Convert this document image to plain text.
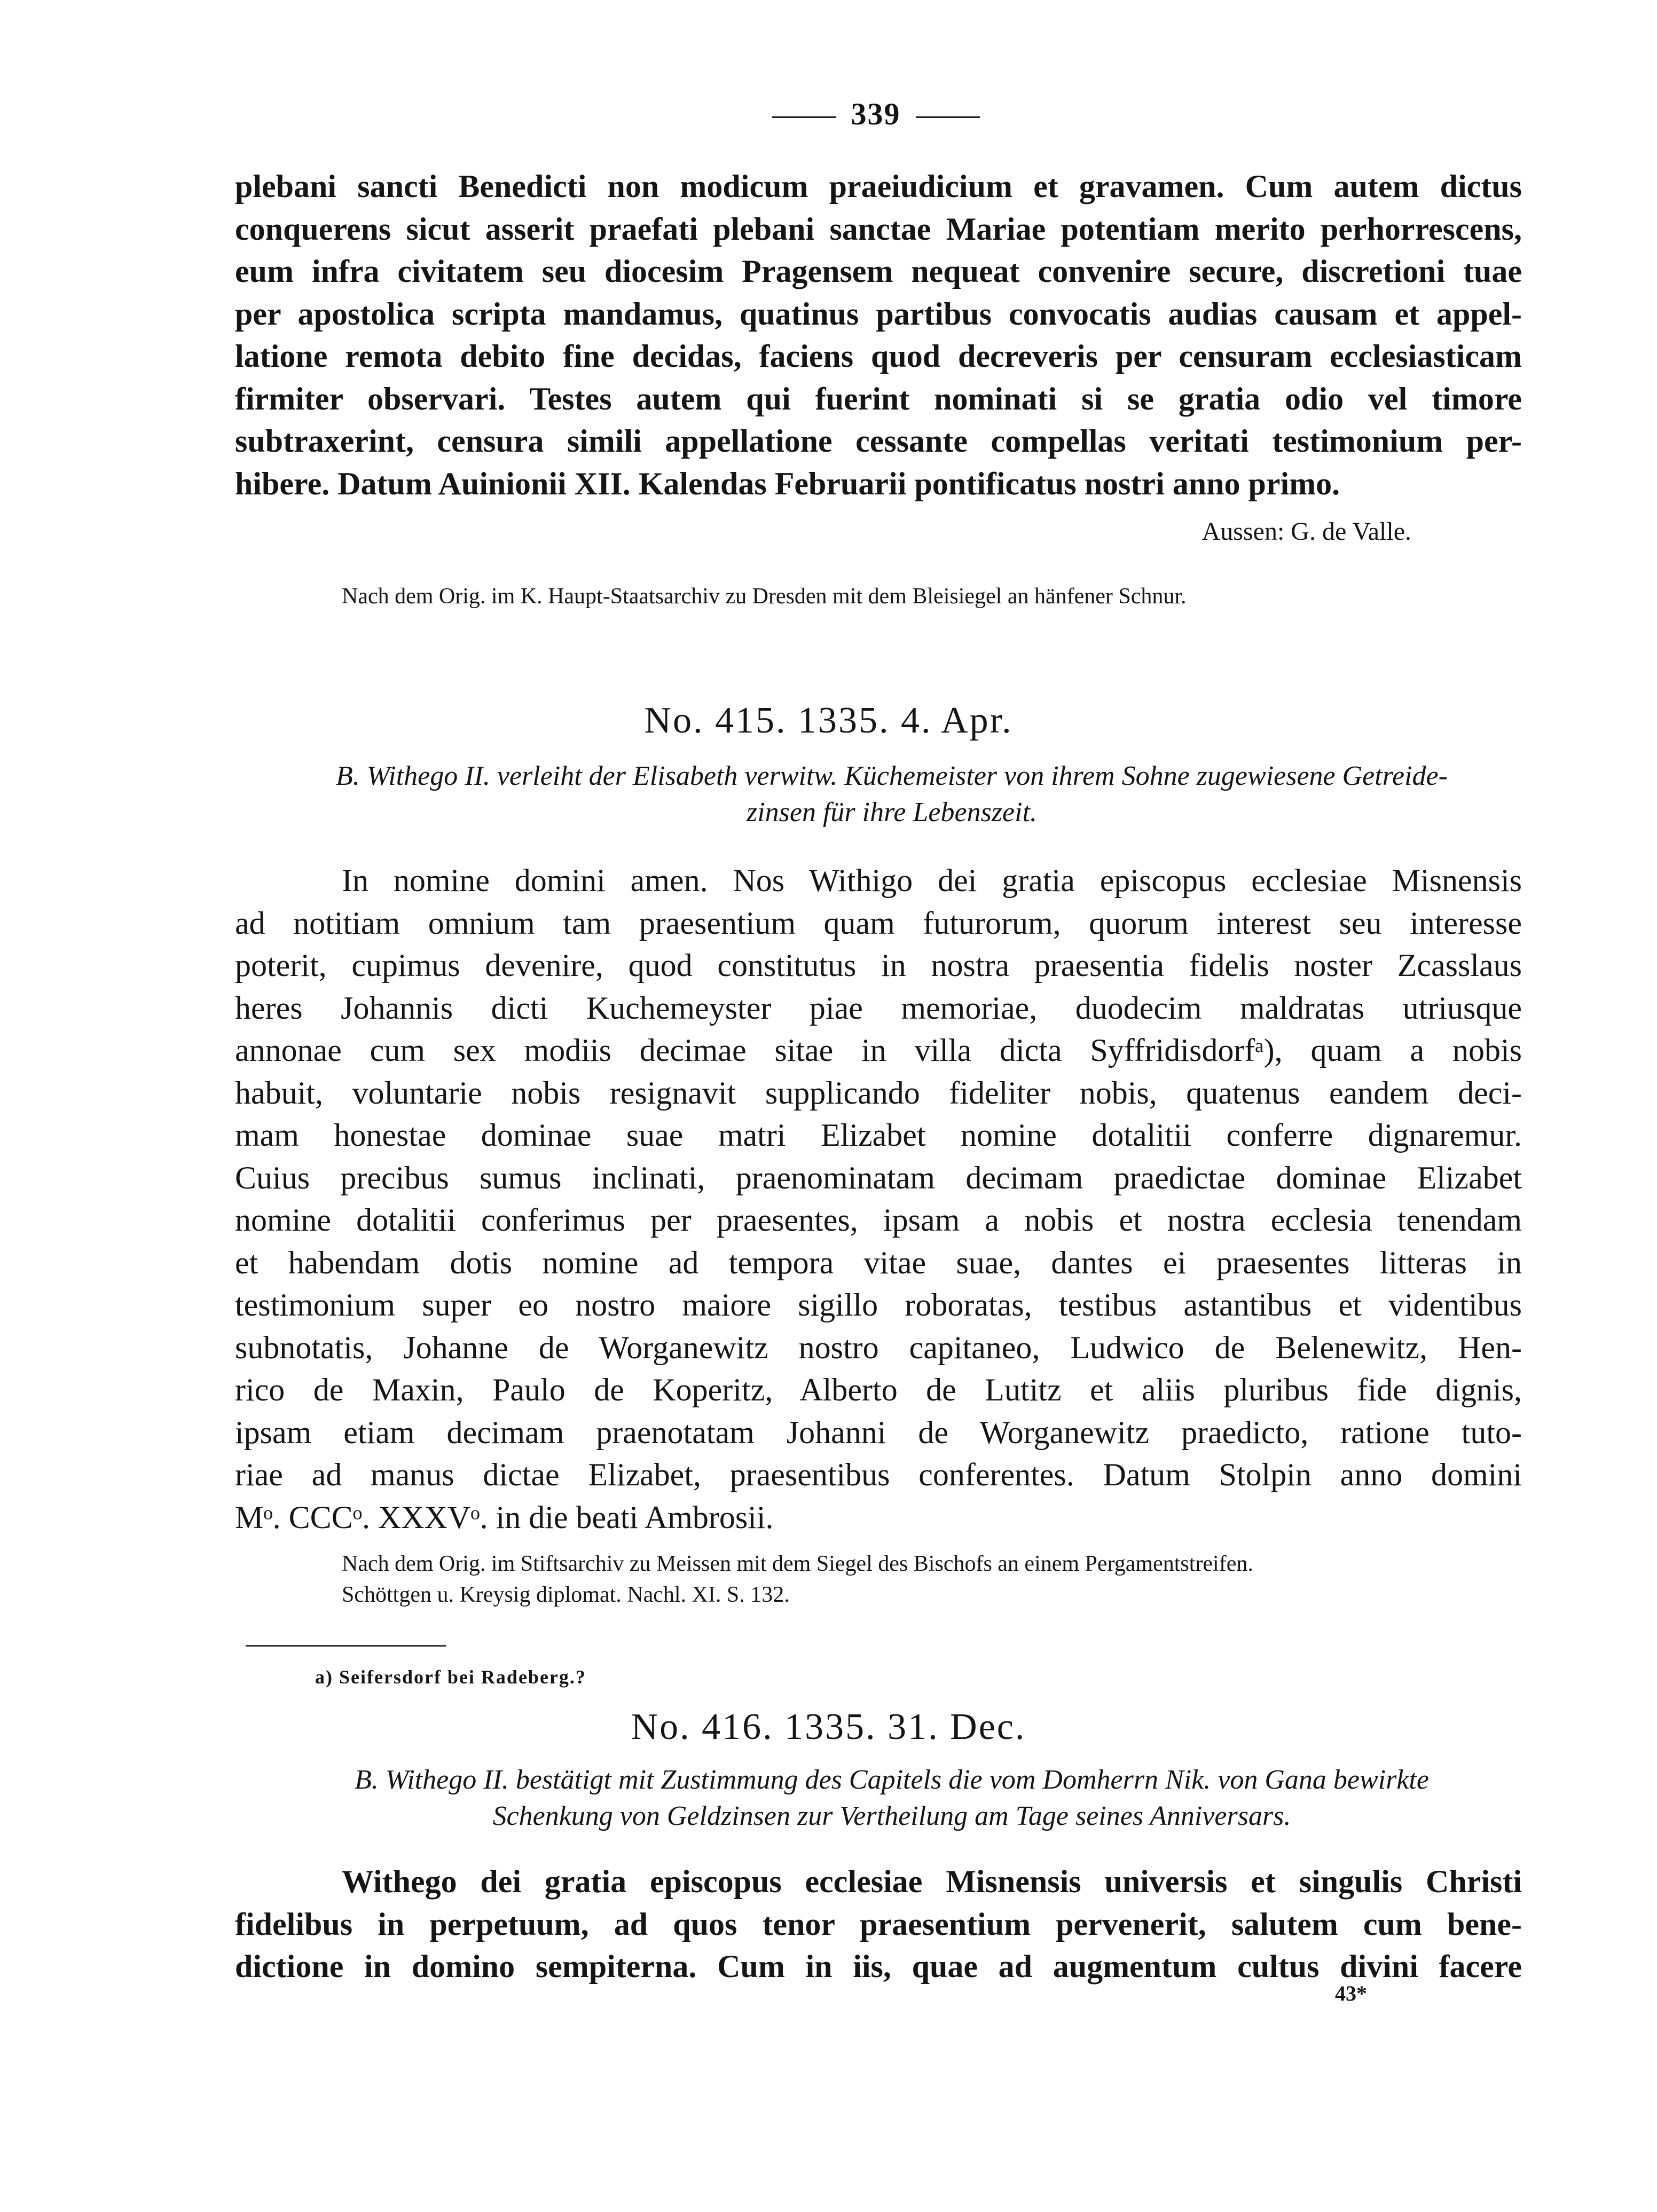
339
plebani sancti Benedicti non modicum praeiudicium et gravamen. Cum autem dictus
conquerens sicut asserit praefati plebani sanctae Mariae potentiam merito perhorrescens,
eum infra civitatem seu diocesim Pragensem nequeat convenire secure, discretioni tuae
per apostolica scripta mandamus, quatinus partibus convocatis audias causam et appel-
latione remota debito fine decidas, faciens quod decreveris per censuram ecclesiasticam
firmiter observari. Testes autem qui fuerint nominati si se gratia odio vel timore
subtraxerint, censura simili appellatione cessante compellas veritati testimonium per-
hibere. Datum Auinionii XII. Kalendas Februarii pontificatus nostri anno primo.
Aussen: G. de Valle.
Nach dem Orig. im K. Haupt-Staatsarchiv zu Dresden mit dem Bleisiegel an hänfener Schnur.
No. 415. 1335. 4. Apr.
B. Withego II. verleiht der Elisabeth verwitw. Küchemeister von ihrem Sohne zugewiesene Getreide-
zinsen für ihre Lebenszeit.
In nomine domini amen. Nos Withigo dei gratia episcopus ecclesiae Misnensis
ad notitiam omnium tam praesentium quam futurorum, quorum interest seu interesse
poterit, cupimus devenire, quod constitutus in nostra praesentia fidelis noster Zcasslaus
heres Johannis dicti Kuchemeyster piae memoriae, duodecim maldratas utriusque
annonae cum sex modiis decimae sitae in villa dicta Syffridisdorfᵃ), quam a nobis
habuit, voluntarie nobis resignavit supplicando fideliter nobis, quatenus eandem deci-
mam honestae dominae suae matri Elizabet nomine dotalitii conferre dignaremur.
Cuius precibus sumus inclinati, praenominatam decimam praedictae dominae Elizabet
nomine dotalitii conferimus per praesentes, ipsam a nobis et nostra ecclesia tenendam
et habendam dotis nomine ad tempora vitae suae, dantes ei praesentes litteras in
testimonium super eo nostro maiore sigillo roboratas, testibus astantibus et videntibus
subnotatis, Johanne de Worganewitz nostro capitaneo, Ludwico de Belenewitz, Hen-
rico de Maxin, Paulo de Koperitz, Alberto de Lutitz et aliis pluribus fide dignis,
ipsam etiam decimam praenotatam Johanni de Worganewitz praedicto, ratione tuto-
riae ad manus dictae Elizabet, praesentibus conferentes. Datum Stolpin anno domini
Mᵒ. CCCᵒ. XXXVᵒ. in die beati Ambrosii.
Nach dem Orig. im Stiftsarchiv zu Meissen mit dem Siegel des Bischofs an einem Pergamentstreifen.
Schöttgen u. Kreysig diplomat. Nachl. XI. S. 132.
a) Seifersdorf bei Radeberg.?
No. 416. 1335. 31. Dec.
B. Withego II. bestätigt mit Zustimmung des Capitels die vom Domherrn Nik. von Gana bewirkte
Schenkung von Geldzinsen zur Vertheilung am Tage seines Anniversars.
Withego dei gratia episcopus ecclesiae Misnensis universis et singulis Christi
fidelibus in perpetuum, ad quos tenor praesentium pervenerit, salutem cum bene-
dictione in domino sempiterna. Cum in iis, quae ad augmentum cultus divini facere
43*
